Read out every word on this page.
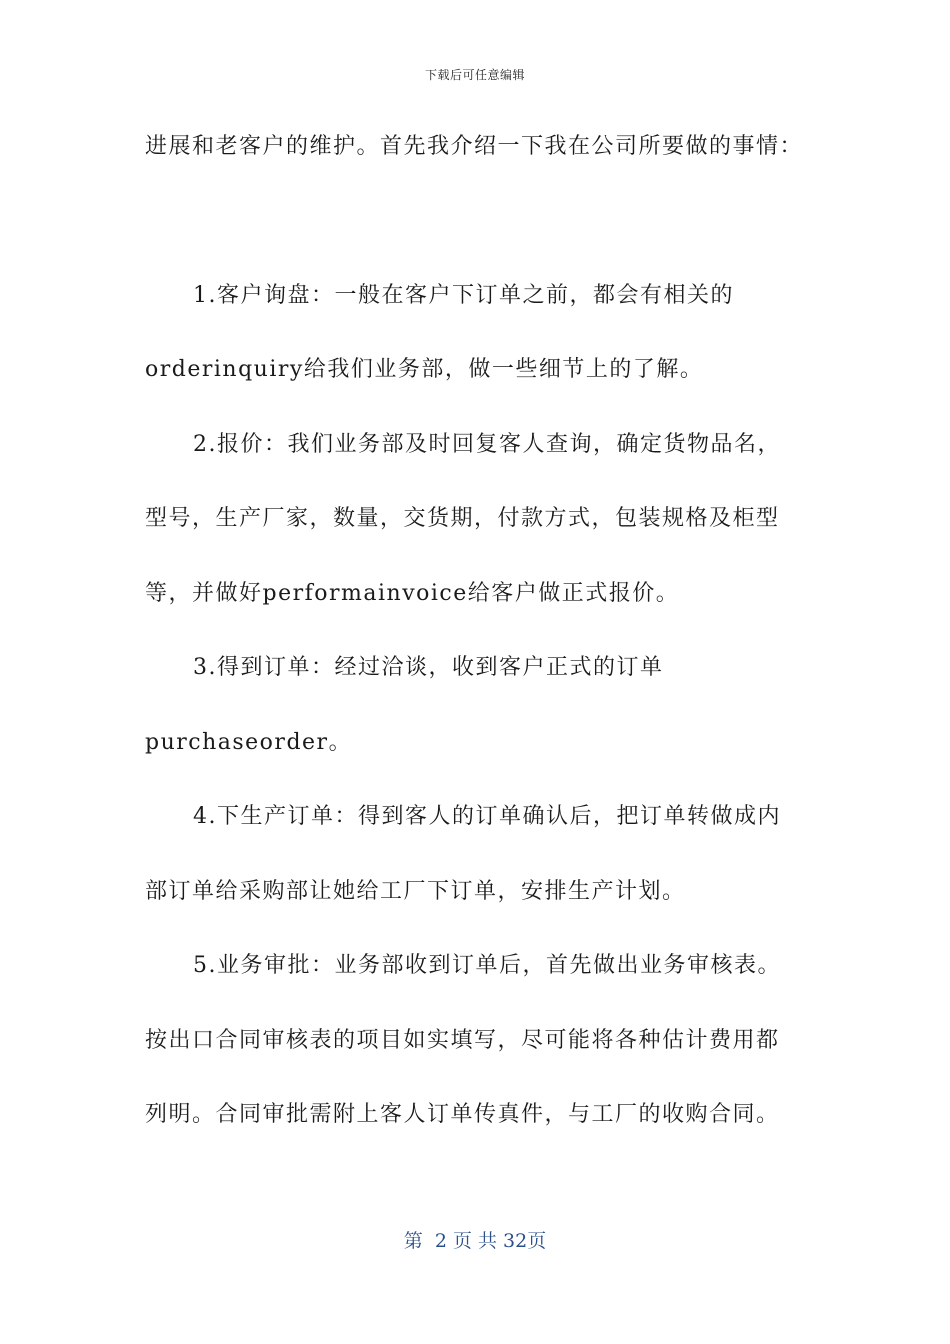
下载后可任意编辑
进展和老客户的维护。首先我介绍一下我在公司所要做的事情：
1.客户询盘：一般在客户下订单之前，都会有相关的
orderinquiry给我们业务部，做一些细节上的了解。
2.报价：我们业务部及时回复客人查询，确定货物品名，
型号，生产厂家，数量，交货期，付款方式，包装规格及柜型
等，并做好performainvoice给客户做正式报价。
3.得到订单：经过洽谈，收到客户正式的订单
purchaseorder。
4.下生产订单：得到客人的订单确认后，把订单转做成内
部订单给采购部让她给工厂下订单，安排生产计划。
5.业务审批：业务部收到订单后，首先做出业务审核表。
按出口合同审核表的项目如实填写，尽可能将各种估计费用都
列明。合同审批需附上客人订单传真件，与工厂的收购合同。
第  2 页 共 32页
